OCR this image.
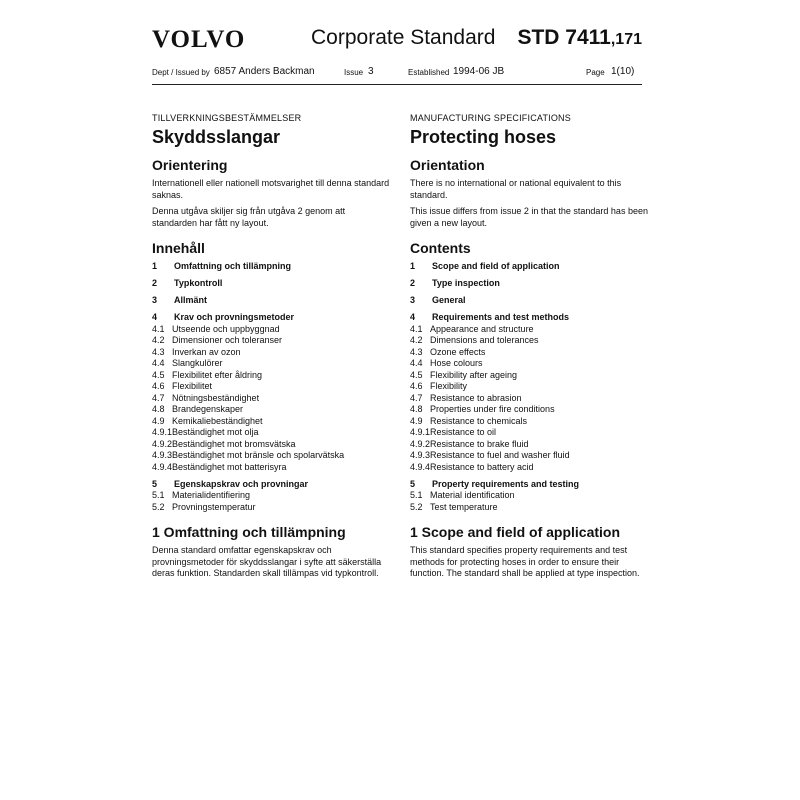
VOLVO	Corporate Standard STD 7411,171
Dept / Issued by 6857 Anders Backman	Issue 3	Established 1994-06 JB	Page 1(10)
TILLVERKNINGSBESTÄMMELSER
Skyddsslangar
Orientering
Internationell eller nationell motsvarighet till denna standard saknas.
Denna utgåva skiljer sig från utgåva 2 genom att standarden har fått ny layout.
Innehåll
1 Omfattning och tillämpning
2 Typkontroll
3 Allmänt
4 Krav och provningsmetoder
4.1 Utseende och uppbyggnad
4.2 Dimensioner och toleranser
4.3 Inverkan av ozon
4.4 Slangkulörer
4.5 Flexibilitet efter åldring
4.6 Flexibilitet
4.7 Nötningsbeständighet
4.8 Brandegenskaper
4.9 Kemikaliebeständighet
4.9.1Beständighet mot olja
4.9.2Beständighet mot bromsvätska
4.9.3Beständighet mot bränsle och spolarvätska
4.9.4Beständighet mot batterisyra
5 Egenskapskrav och provningar
5.1 Materialidentifiering
5.2 Provningstemperatur
1 Omfattning och tillämpning
Denna standard omfattar egenskapskrav och provningsmetoder för skyddsslangar i syfte att säkerställa deras funktion. Standarden skall tillämpas vid typkontroll.
MANUFACTURING SPECIFICATIONS
Protecting hoses
Orientation
There is no international or national equivalent to this standard.
This issue differs from issue 2 in that the standard has been given a new layout.
Contents
1 Scope and field of application
2 Type inspection
3 General
4 Requirements and test methods
4.1 Appearance and structure
4.2 Dimensions and tolerances
4.3 Ozone effects
4.4 Hose colours
4.5 Flexibility after ageing
4.6 Flexibility
4.7 Resistance to abrasion
4.8 Properties under fire conditions
4.9 Resistance to chemicals
4.9.1Resistance to oil
4.9.2Resistance to brake fluid
4.9.3Resistance to fuel and washer fluid
4.9.4Resistance to battery acid
5 Property requirements and testing
5.1 Material identification
5.2 Test temperature
1 Scope and field of application
This standard specifies property requirements and test methods for protecting hoses in order to ensure their function. The standard shall be applied at type inspection.
